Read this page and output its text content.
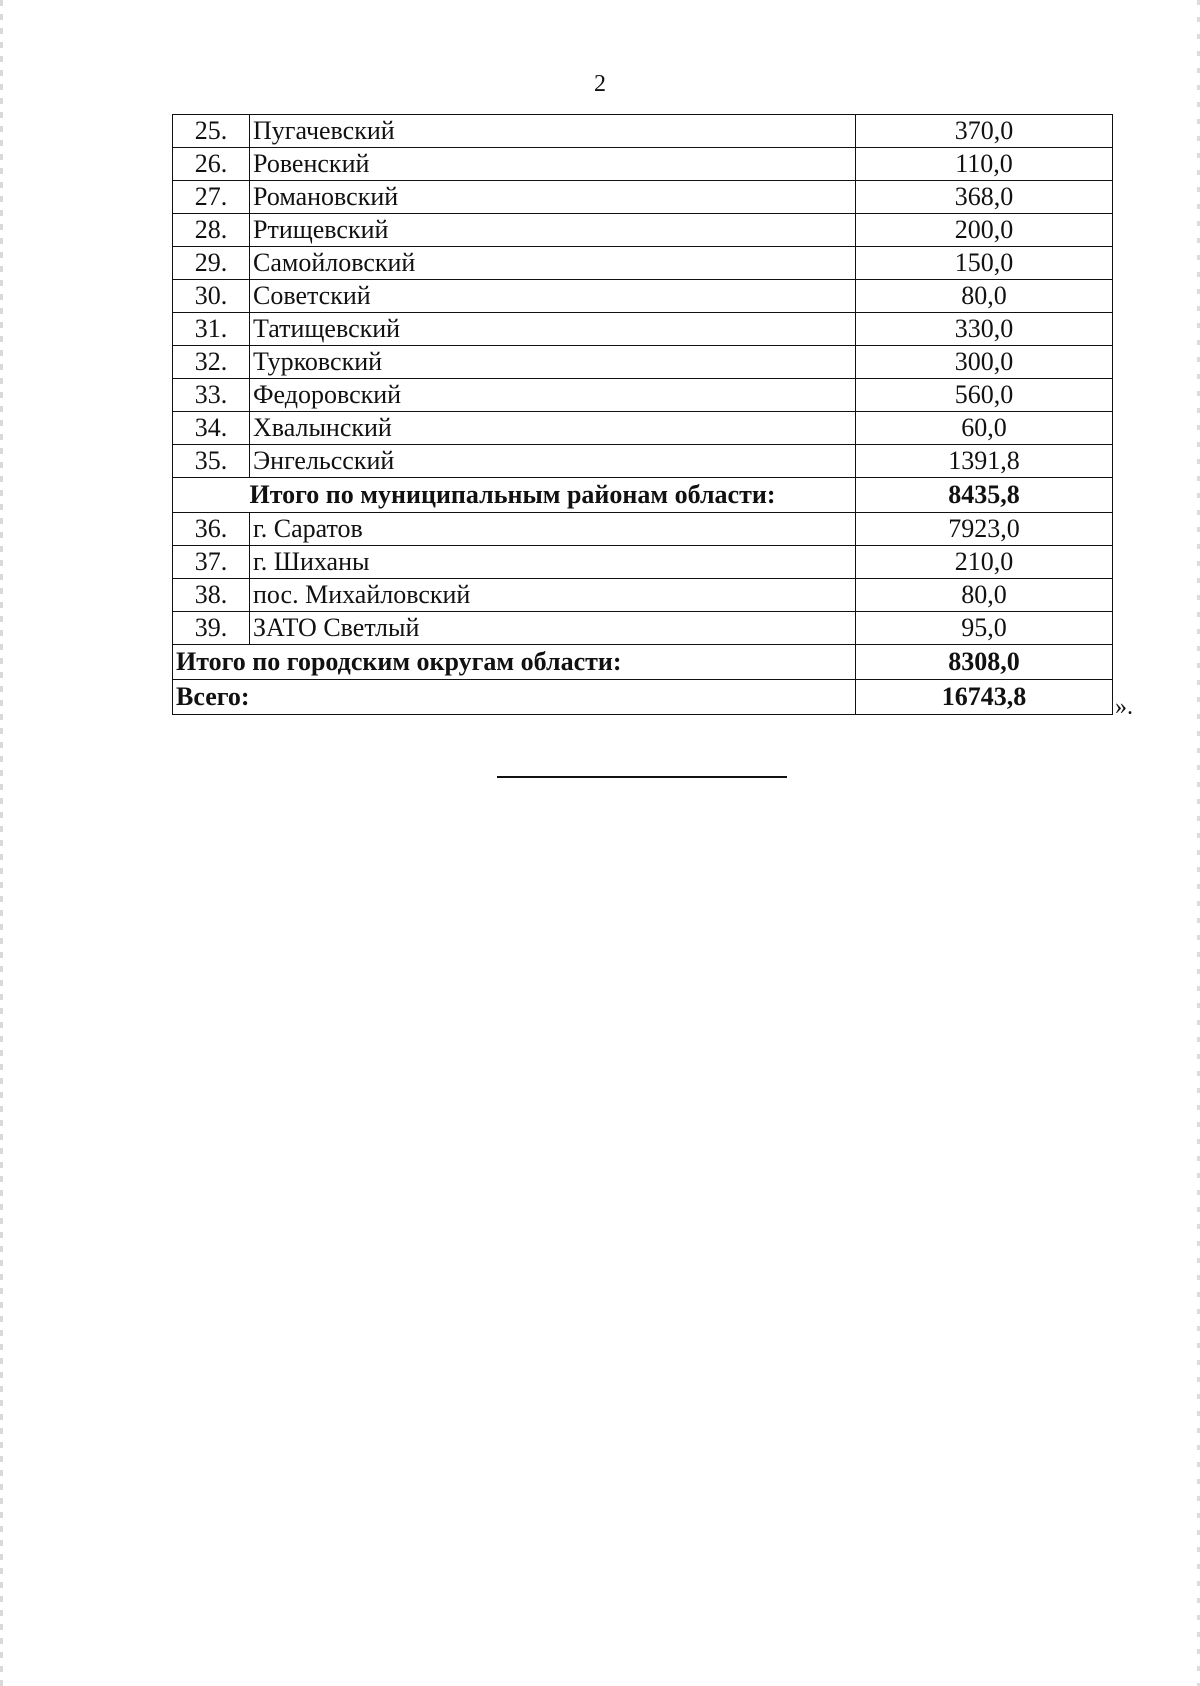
2
25.	Пугачевский	370,0
26.	Ровенский	110,0
27.	Романовский	368,0
28.	Ртищевский	200,0
29.	Самойловский	150,0
30.	Советский	80,0
31.	Татищевский	330,0
32.	Турковский	300,0
33.	Федоровский	560,0
34.	Хвалынский	60,0
35.	Энгельсский	1391,8
Итого по муниципальным районам области:		8435,8
36.	г. Саратов	7923,0
37.	г. Шиханы	210,0
38.	пос. Михайловский	80,0
39.	ЗАТО Светлый	95,0
Итого по городским округам области:		8308,0
Всего:		16743,8	».
